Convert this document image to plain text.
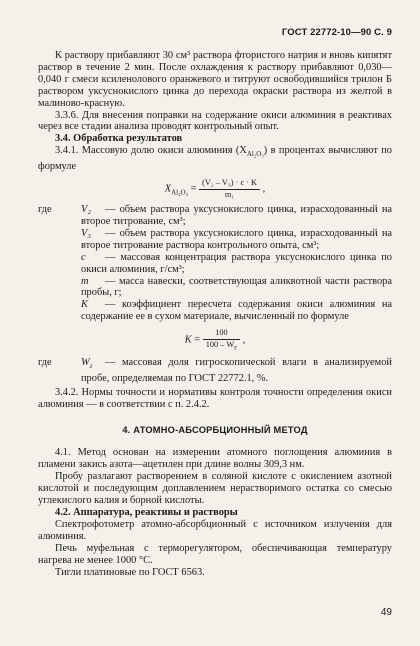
ГОСТ 22772-10—90 С. 9

К раствору прибавляют 30 см³ раствора фтористого натрия и вновь кипятят раствор в течение 2 мин. После охлаждения к раствору прибавляют 0,030—0,040 г смеси ксиленолового оранжевого и титруют освободившийся трилон Б раствором уксуснокислого цинка до перехода окраски раствора из желтой в малиново-красную.

3.3.6. Для внесения поправки на содержание окиси алюминия в реактивах через все стадии анализа проводят контрольный опыт.

3.4. Обработка результатов

3.4.1. Массовую долю окиси алюминия $(X_{Al_2O_3})$ в процентах вычисляют по формуле

$X_{Al_2O_3} = \frac{\text{(V₂ – V₃) · c · K}}{\text{m₁}}$ ,
где	V₂ — объем раствора уксуснокислого цинка, израсходованный на второе титрование, см³;
V₃ — объем раствора уксуснокислого цинка, израсходованный на второе титрование раствора контрольного опыта, см³;
c — массовая концентрация раствора уксуснокислого цинка по окиси алюминия, г/см³;
m — масса навески, соответствующая аликвотной части раствора пробы, г;
K — коэффициент пересчета содержания окиси алюминия на содержание ее в сухом материале, вычисленный по формуле
$K = \frac{100}{100 - W_г}$ ,
где	$W_г$ — массовая доля гигроскопической влаги в анализируемой пробе, определяемая по ГОСТ 22772.1, %.

3.4.2. Нормы точности и нормативы контроля точности определения окиси алюминия — в соответствии с п. 2.4.2.

4. АТОМНО-АБСОРБЦИОННЫЙ МЕТОД

4.1. Метод основан на измерении атомного поглощения алюминия в пламени закись азота—ацетилен при длине волны 309,3 нм.

Пробу разлагают растворением в соляной кислоте с окислением азотной кислотой и последующим доплавлением нерастворимого остатка со смесью углекислого калия и борной кислоты.

4.2. Аппаратура, реактивы и растворы

Спектрофотометр атомно-абсорбционный с источником излучения для алюминия.

Печь муфельная с терморегулятором, обеспечивающая температуру нагрева не менее 1000 °С.

Тигли платиновые по ГОСТ 6563.

49
